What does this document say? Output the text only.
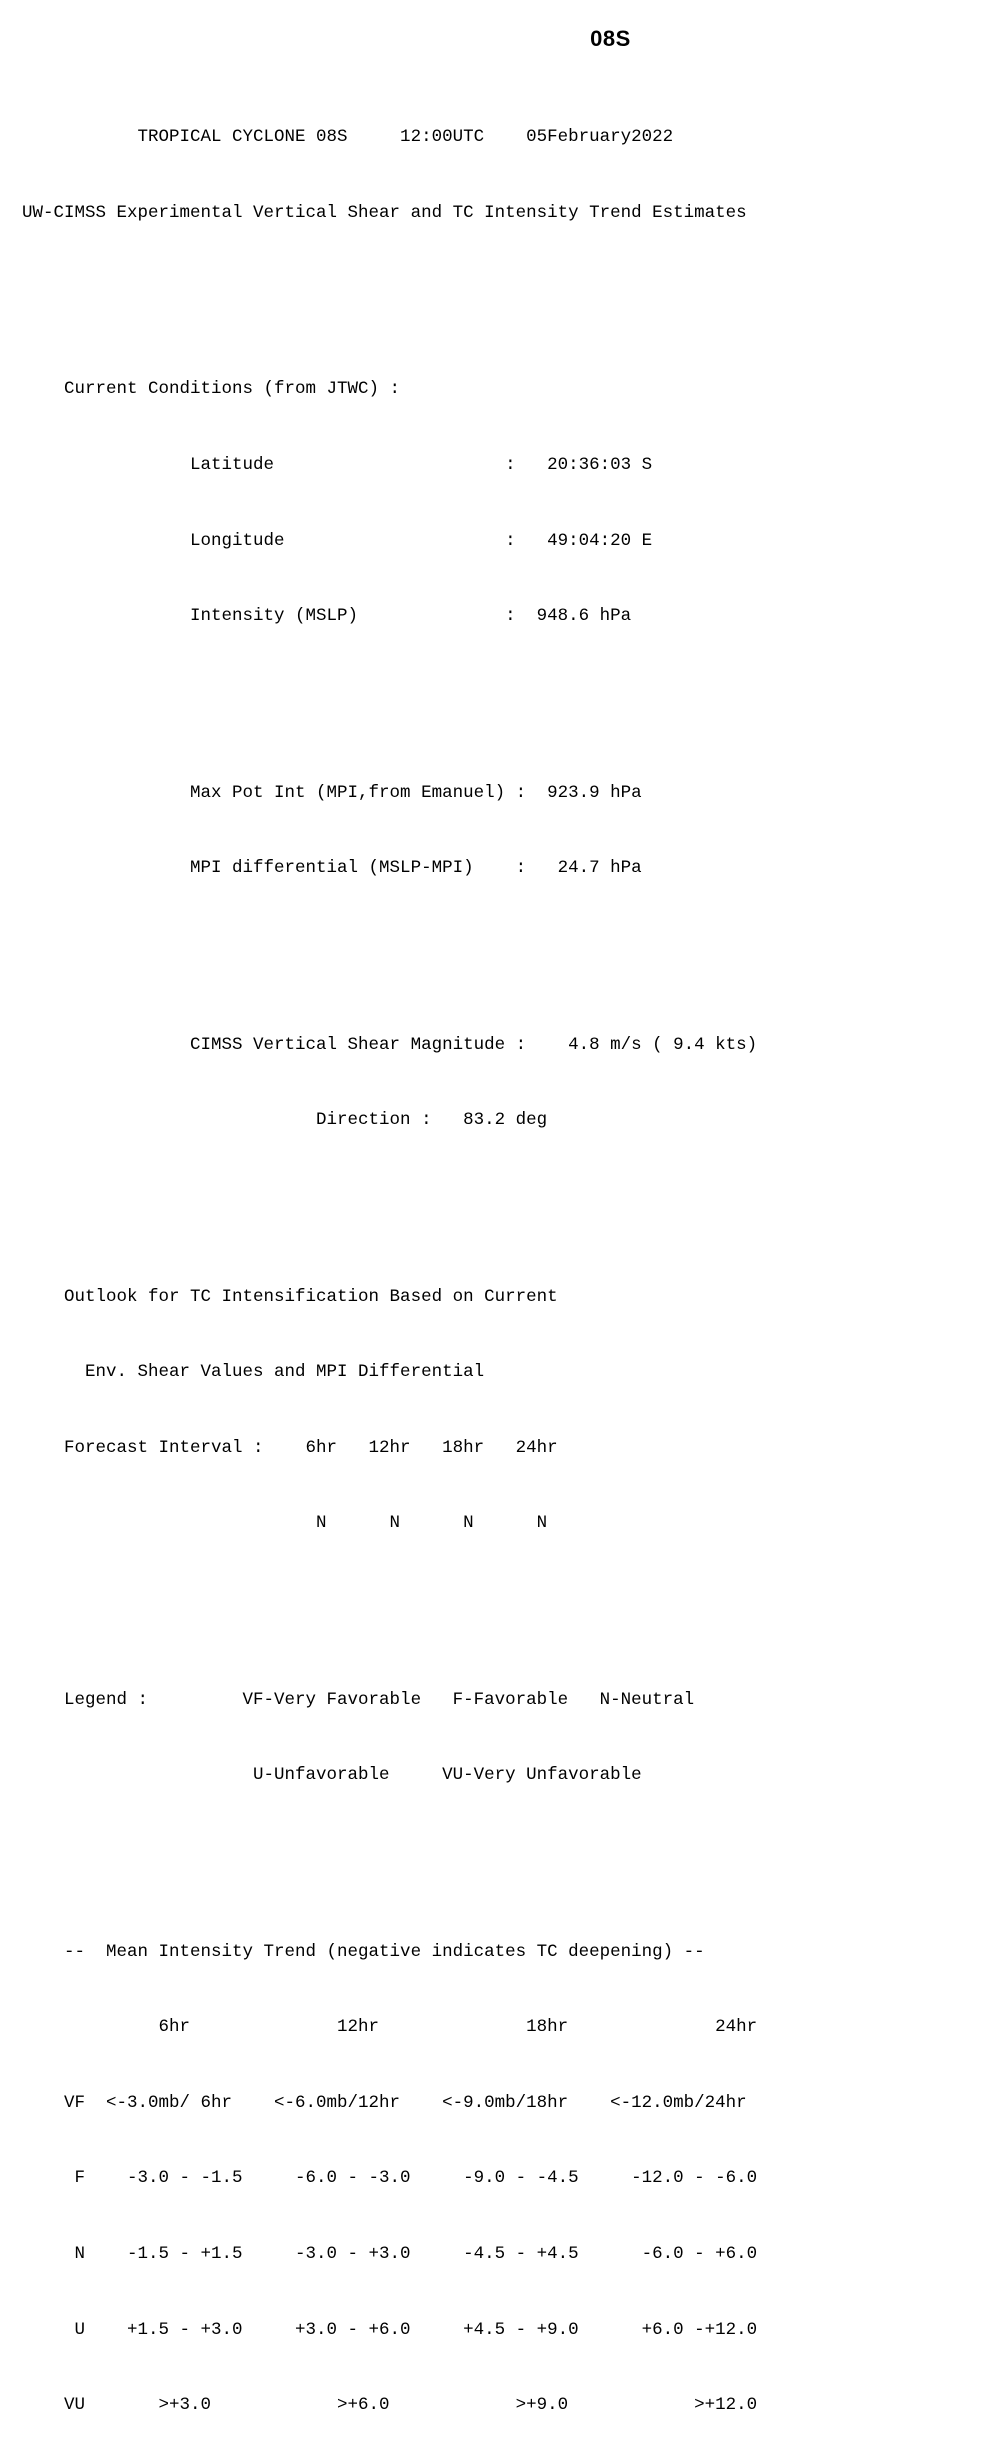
08S

TROPICAL CYCLONE 08S     12:00UTC    05February2022

UW-CIMSS Experimental Vertical Shear and TC Intensity Trend Estimates

Current Conditions (from JTWC) :

Latitude                      :   20:36:03 S

Longitude                     :   49:04:20 E

Intensity (MSLP)              :  948.6 hPa

Max Pot Int (MPI,from Emanuel) :  923.9 hPa

MPI differential (MSLP-MPI)    :   24.7 hPa

CIMSS Vertical Shear Magnitude :    4.8 m/s ( 9.4 kts)

Direction :   83.2 deg

Outlook for TC Intensification Based on Current

Env. Shear Values and MPI Differential

Forecast Interval :    6hr   12hr   18hr   24hr

N      N      N      N

Legend :         VF-Very Favorable   F-Favorable   N-Neutral

U-Unfavorable     VU-Very Unfavorable

--  Mean Intensity Trend (negative indicates TC deepening) --

6hr              12hr              18hr              24hr

VF  <-3.0mb/ 6hr    <-6.0mb/12hr    <-9.0mb/18hr    <-12.0mb/24hr

F    -3.0 - -1.5     -6.0 - -3.0     -9.0 - -4.5     -12.0 - -6.0

N    -1.5 - +1.5     -3.0 - +3.0     -4.5 - +4.5      -6.0 - +6.0

U    +1.5 - +3.0     +3.0 - +6.0     +4.5 - +9.0      +6.0 -+12.0

VU       >+3.0            >+6.0            >+9.0            >+12.0
